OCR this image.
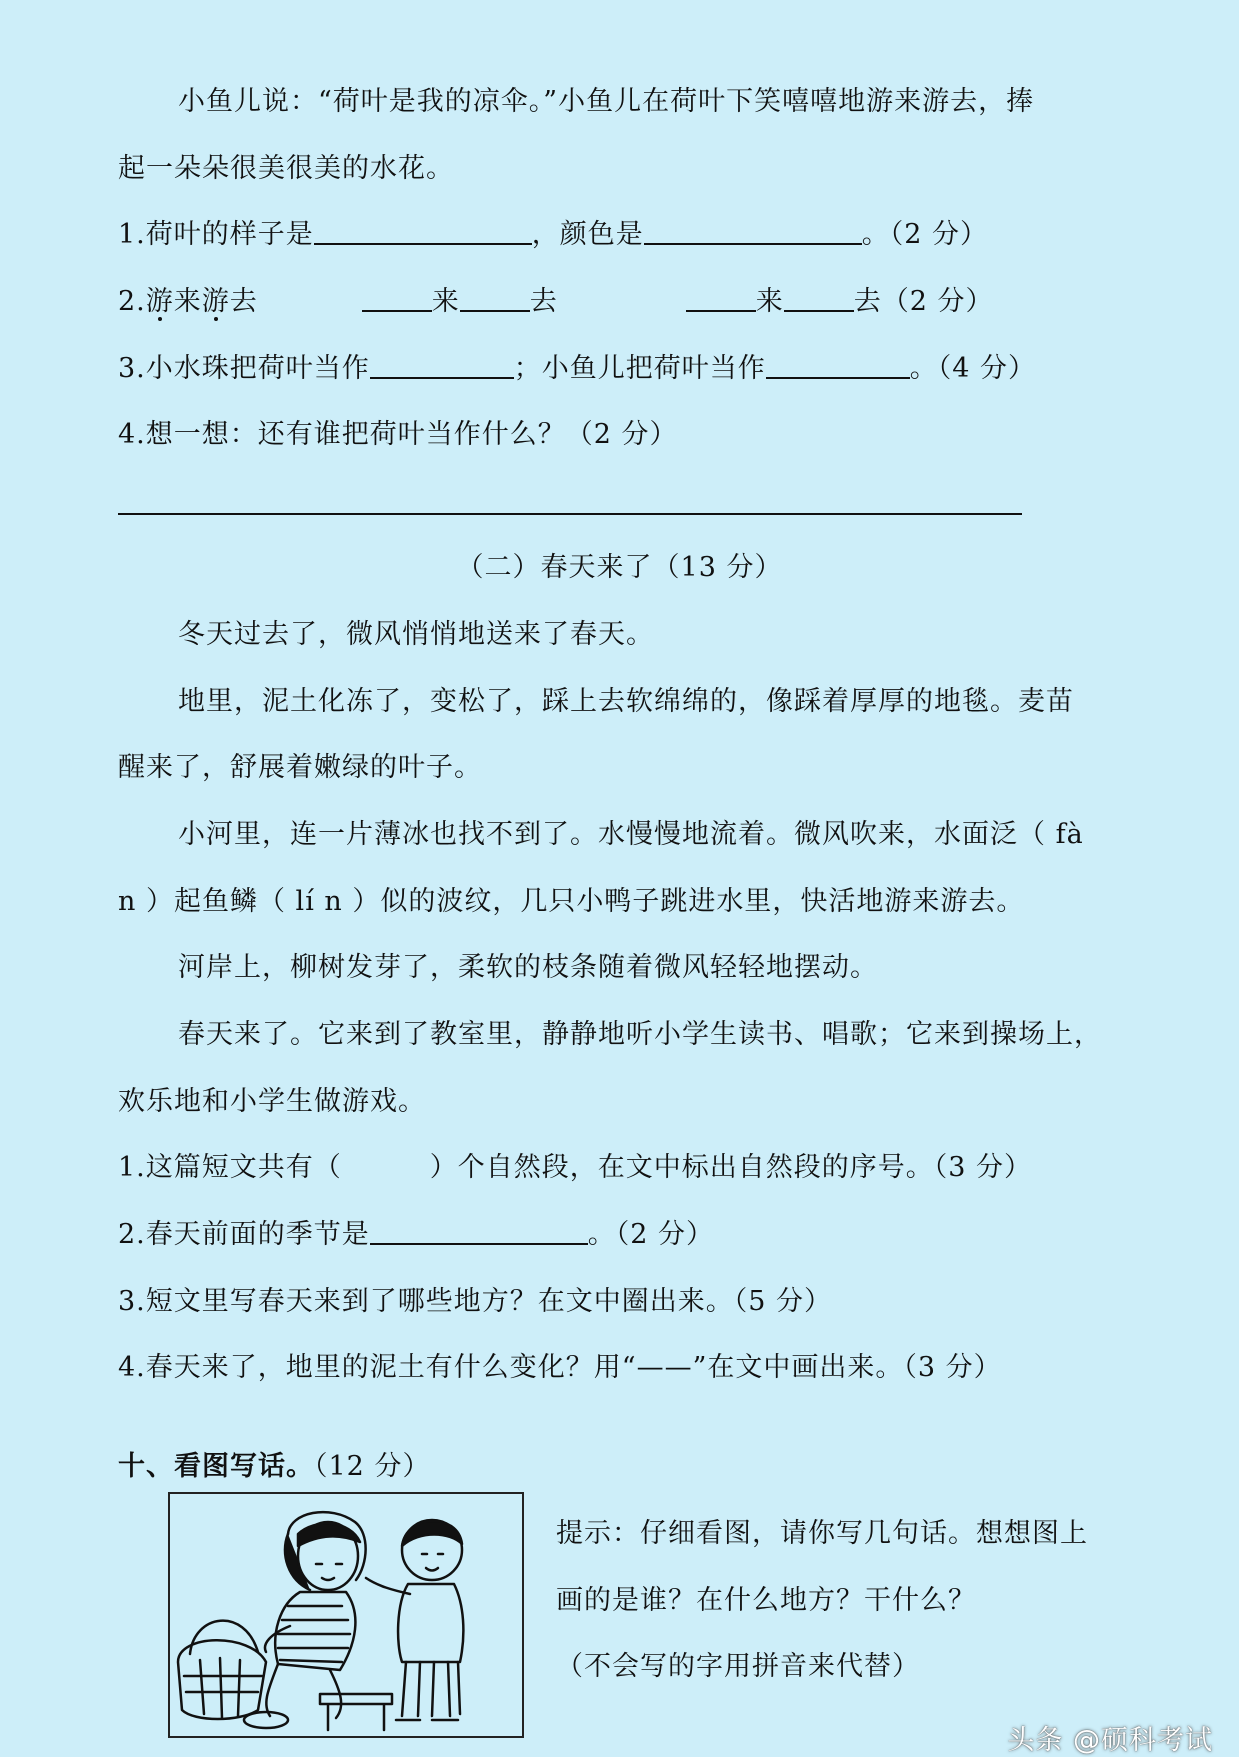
小鱼儿说：“荷叶是我的凉伞。”小鱼儿在荷叶下笑嘻嘻地游来游去，捧
起一朵朵很美很美的水花。
1.荷叶的样子是	，颜色是	。（2 分）
2.游来游去	来	去	来	去（2 分）
3.小水珠把荷叶当作	；小鱼儿把荷叶当作	。（4 分）
4.想一想：还有谁把荷叶当作什么？（2 分）
（二）春天来了（13 分）
冬天过去了，微风悄悄地送来了春天。
地里，泥土化冻了，变松了，踩上去软绵绵的，像踩着厚厚的地毯。麦苗
醒来了，舒展着嫩绿的叶子。
小河里，连一片薄冰也找不到了。水慢慢地流着。微风吹来，水面泛（ fà
n ）起鱼鳞（ lí n ）似的波纹，几只小鸭子跳进水里，快活地游来游去。
河岸上，柳树发芽了，柔软的枝条随着微风轻轻地摆动。
春天来了。它来到了教室里，静静地听小学生读书、唱歌；它来到操场上，
欢乐地和小学生做游戏。
1.这篇短文共有（	）个自然段，在文中标出自然段的序号。（3 分）
2.春天前面的季节是	。（2 分）
3.短文里写春天来到了哪些地方？在文中圈出来。（5 分）
4.春天来了，地里的泥土有什么变化？用“——”在文中画出来。（3 分）
十、看图写话。（12 分）
提示：仔细看图，请你写几句话。想想图上
画的是谁？在什么地方？干什么？
（不会写的字用拼音来代替）
头条 @硕科考试
